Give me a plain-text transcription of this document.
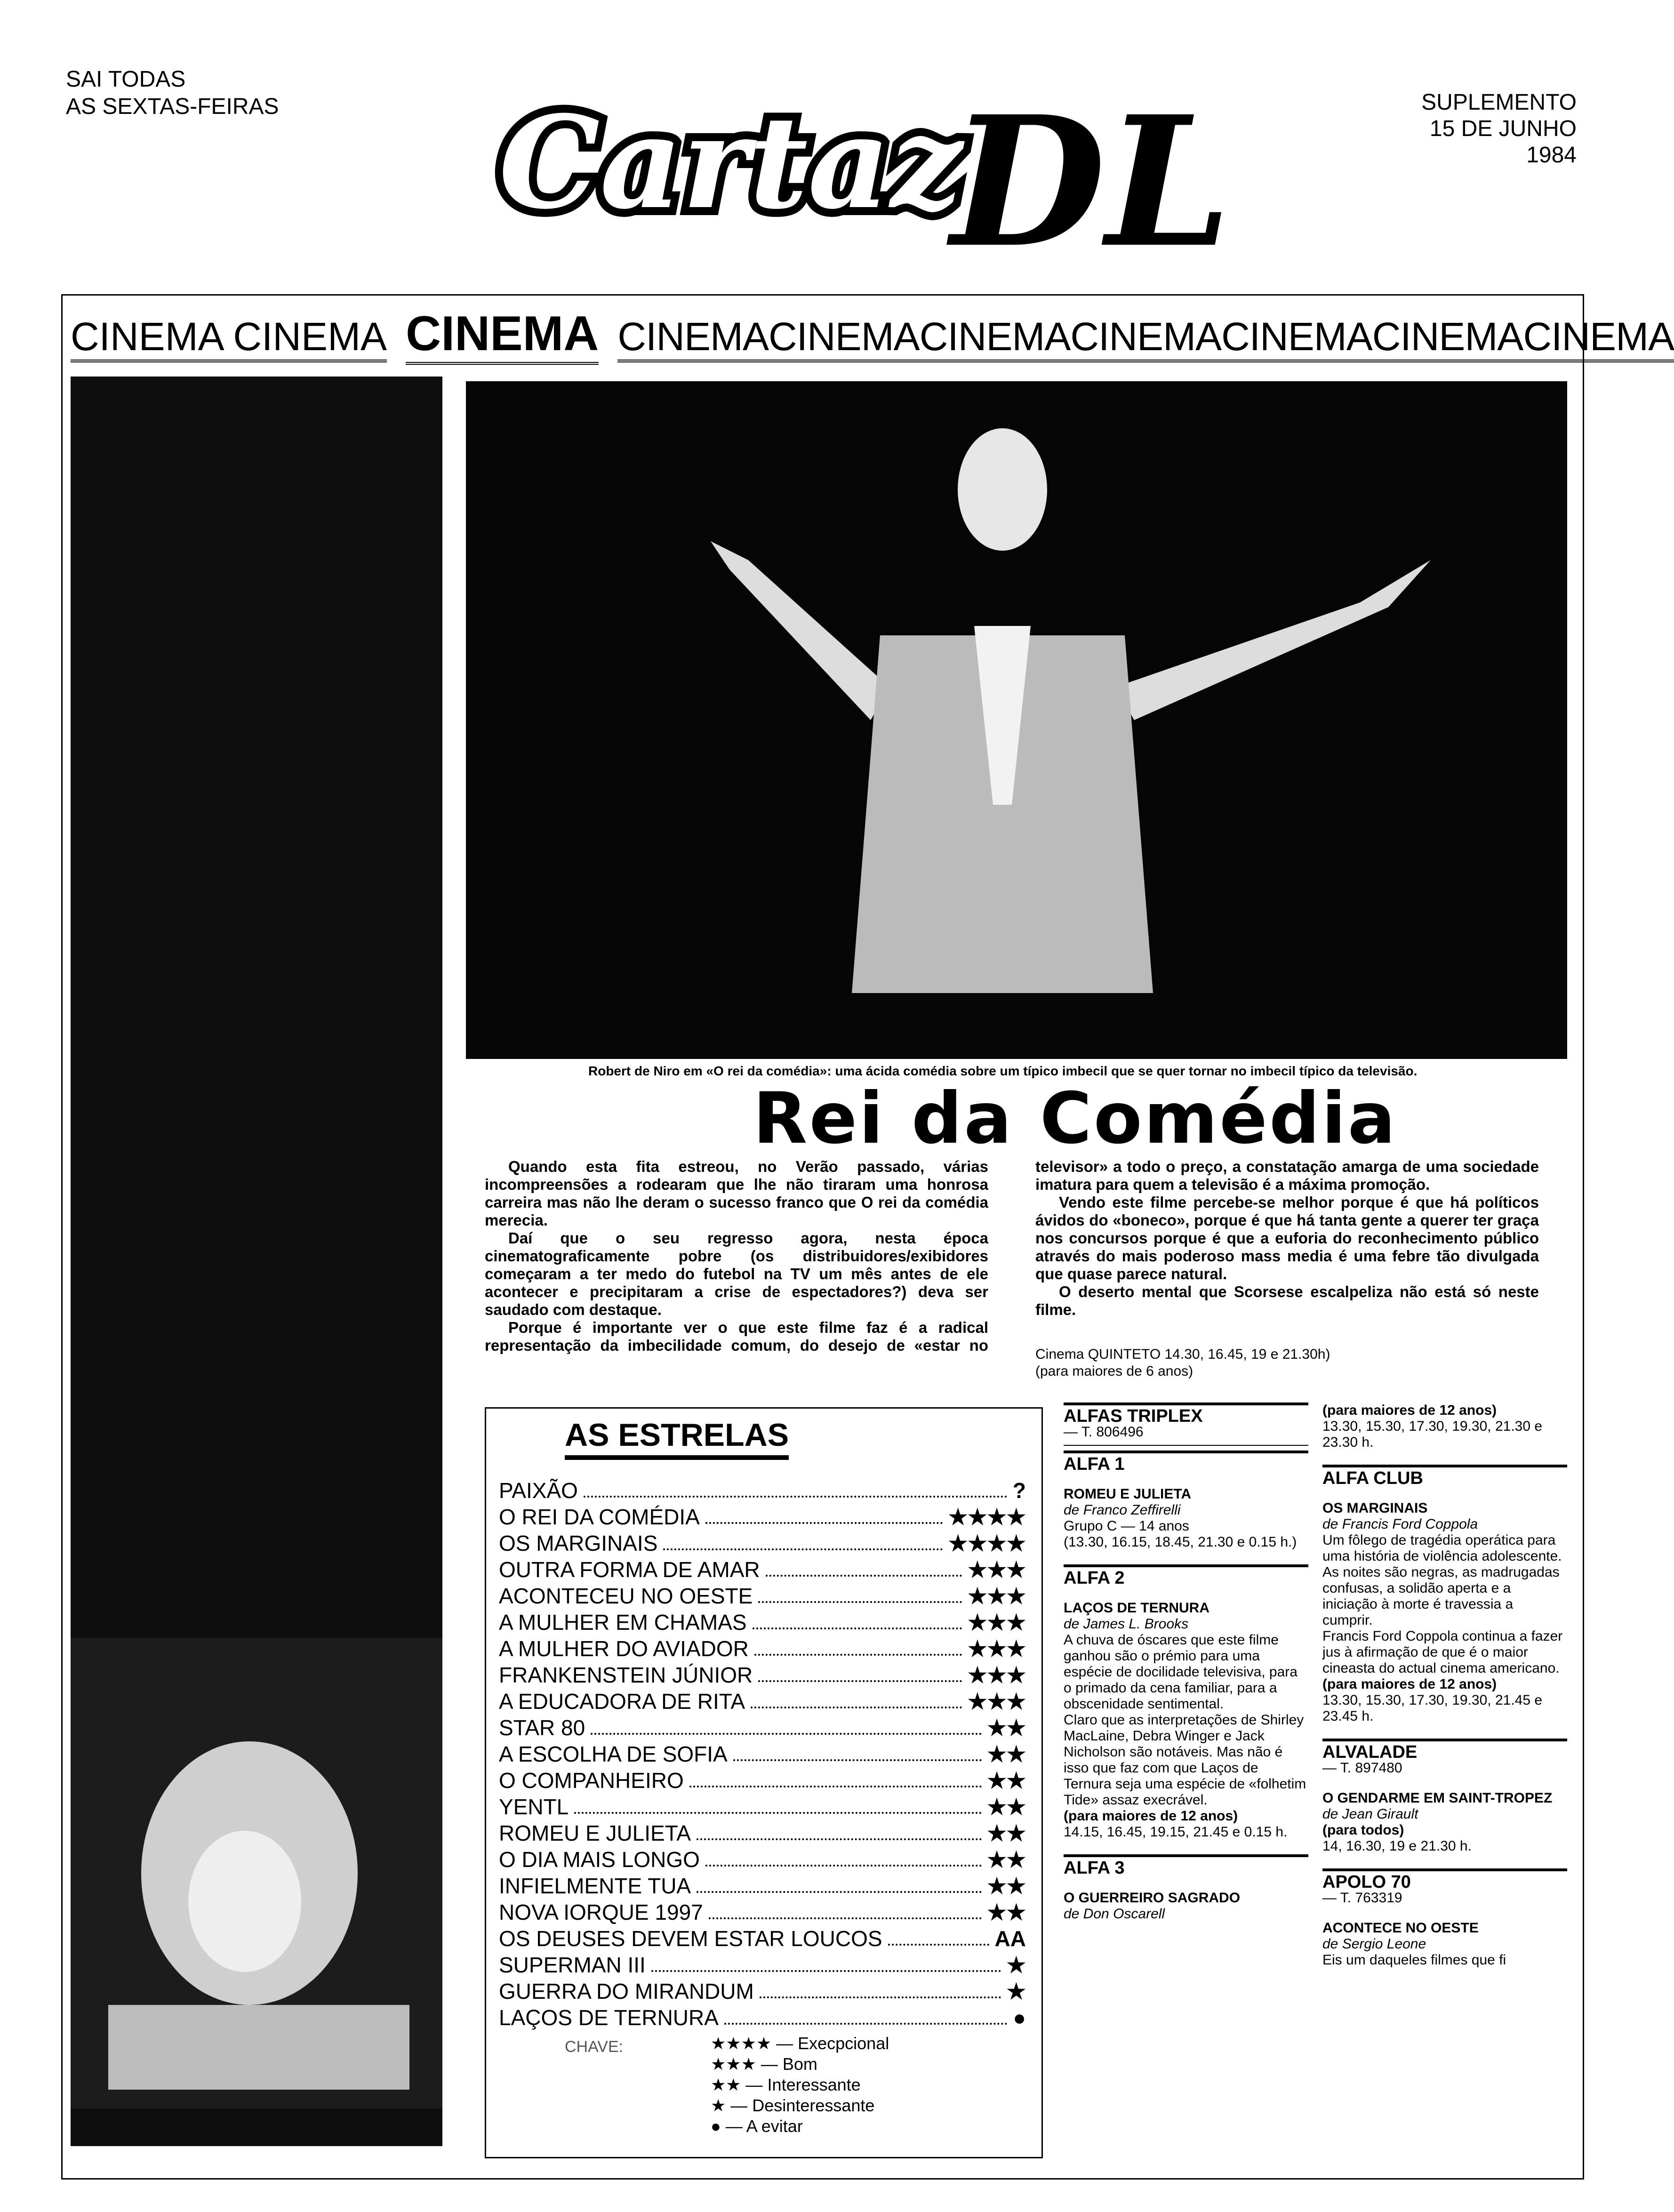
SAI TODAS
AS SEXTAS-FEIRAS Cartaz
DL	SUPLEMENTO
15 DE JUNHO
1984
CINEMA CINEMA CINEMA CINEMACINEMACINEMACINEMACINEMACINEMACINEMA
Robert de Niro em «O rei da comédia»: uma ácida comédia sobre um típico imbecil que se quer tornar no imbecil típico da televisão.
Rei da Comédia

Quando esta fita estreou, no Verão passado, várias incompreensões a rodearam que lhe não tiraram uma honrosa carreira mas não lhe deram o sucesso franco que O rei da comédia merecia.

Daí que o seu regresso agora, nesta época cinematograficamente pobre (os distribuidores/exibidores começaram a ter medo do futebol na TV um mês antes de ele acontecer e precipitaram a crise de espectadores?) deva ser saudado com destaque.

Porque é importante ver o que este filme faz é a radical representação da imbecilidade comum, do desejo de «estar no televisor» a todo o preço, a constatação amarga de uma sociedade imatura para quem a televisão é a máxima promoção.

Vendo este filme percebe-se melhor porque é que há políticos ávidos do «boneco», porque é que há tanta gente a querer ter graça nos concursos porque é que a euforia do reconhecimento público através do mais poderoso mass media é uma febre tão divulgada que quase parece natural.

O deserto mental que Scorsese escalpeliza não está só neste filme.

Cinema QUINTETO 14.30, 16.45, 19 e 21.30h)
(para maiores de 6 anos)
AS ESTRELAS
PAIXÃO	?
O REI DA COMÉDIA	★★★★
OS MARGINAIS	★★★★
OUTRA FORMA DE AMAR	★★★
ACONTECEU NO OESTE	★★★
A MULHER EM CHAMAS	★★★
A MULHER DO AVIADOR	★★★
FRANKENSTEIN JÚNIOR	★★★
A EDUCADORA DE RITA	★★★
STAR 80	★★
A ESCOLHA DE SOFIA	★★
O COMPANHEIRO	★★
YENTL	★★
ROMEU E JULIETA	★★
O DIA MAIS LONGO	★★
INFIELMENTE TUA	★★
NOVA IORQUE 1997	★★
OS DEUSES DEVEM ESTAR LOUCOS	AA
SUPERMAN III	★
GUERRA DO MIRANDUM	★
LAÇOS DE TERNURA	●
CHAVE:	★★★★ — Execpcional
★★★ — Bom
★★ — Interessante
★ — Desinteressante
● — A evitar
ALFAS TRIPLEX

— T. 806496

ALFA 1

ROMEU E JULIETA

de Franco Zeffirelli

Grupo C — 14 anos

(13.30, 16.15, 18.45, 21.30 e 0.15 h.)

ALFA 2

LAÇOS DE TERNURA

de James L. Brooks

A chuva de óscares que este filme ganhou são o prémio para uma espécie de docilidade televisiva, para o primado da cena familiar, para a obscenidade sentimental.

Claro que as interpretações de Shirley MacLaine, Debra Winger e Jack Nicholson são notáveis. Mas não é isso que faz com que Laços de Ternura seja uma espécie de «folhetim Tide» assaz execrável.

(para maiores de 12 anos)

14.15, 16.45, 19.15, 21.45 e 0.15 h.

ALFA 3

O GUERREIRO SAGRADO

de Don Oscarell

(para maiores de 12 anos)

13.30, 15.30, 17.30, 19.30, 21.30 e 23.30 h.

ALFA CLUB

OS MARGINAIS

de Francis Ford Coppola

Um fôlego de tragédia operática para uma história de violência adolescente. As noites são negras, as madrugadas confusas, a solidão aperta e a iniciação à morte é travessia a cumprir.

Francis Ford Coppola continua a fazer jus à afirmação de que é o maior cineasta do actual cinema americano.

(para maiores de 12 anos)

13.30, 15.30, 17.30, 19.30, 21.45 e 23.45 h.

ALVALADE

— T. 897480

O GENDARME EM SAINT-TROPEZ

de Jean Girault

(para todos)

14, 16.30, 19 e 21.30 h.

APOLO 70

— T. 763319

ACONTECE NO OESTE

de Sergio Leone

Eis um daqueles filmes que fi
